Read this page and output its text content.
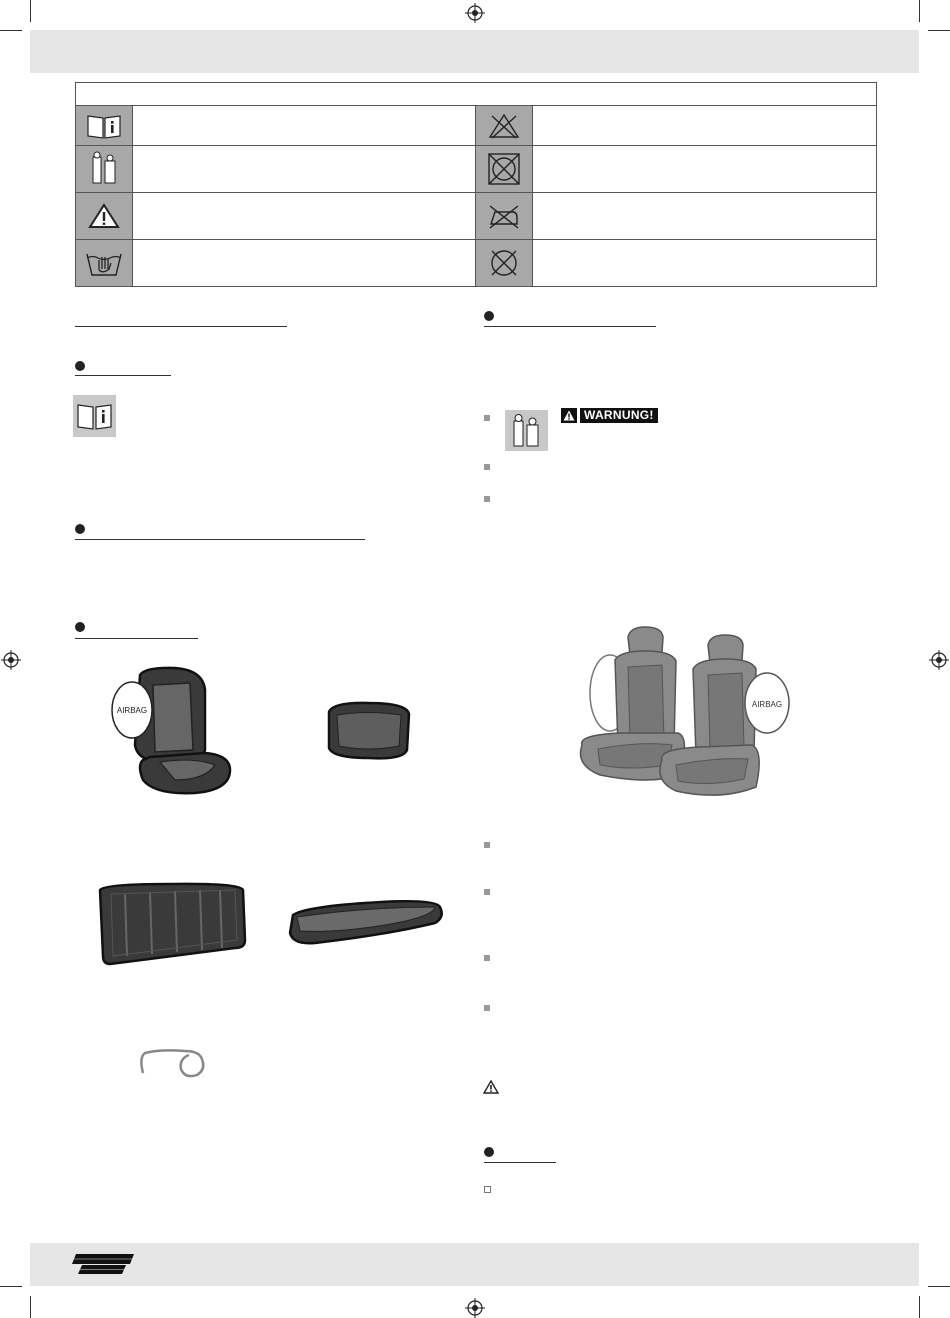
AIRBAG
WARNUNG!
AIRBAG
